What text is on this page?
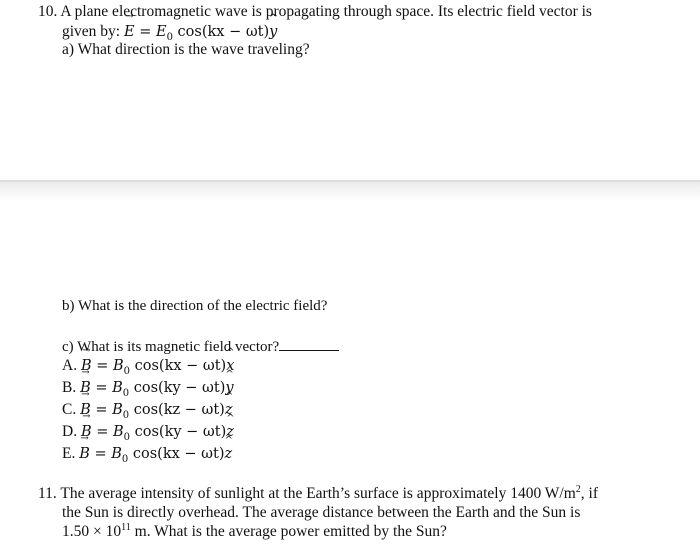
10. A plane electromagnetic wave is propagating through space. Its electric field vector is
given by: → $E = E_0$ cos(kx − ωt)^ y
a) What direction is the wave traveling?
b) What is the direction of the electric field?
c) What is its magnetic field vector?
A. → $B = B_0$ cos(kx − ωt)^ x
B. → $B = B_0$ cos(ky − ωt)^ y
C. → $B = B_0$ cos(kz − ωt)^ z
D. → $B = B_0$ cos(ky − ωt)^ z
E. → $B = B_0$ cos(kx − ωt)^ z
11. The average intensity of sunlight at the Earth’s surface is approximately 1400 $W/m^2$, if
the Sun is directly overhead. The average distance between the Earth and the Sun is
$1.50 \times 10^{11}$ m. What is the average power emitted by the Sun?
